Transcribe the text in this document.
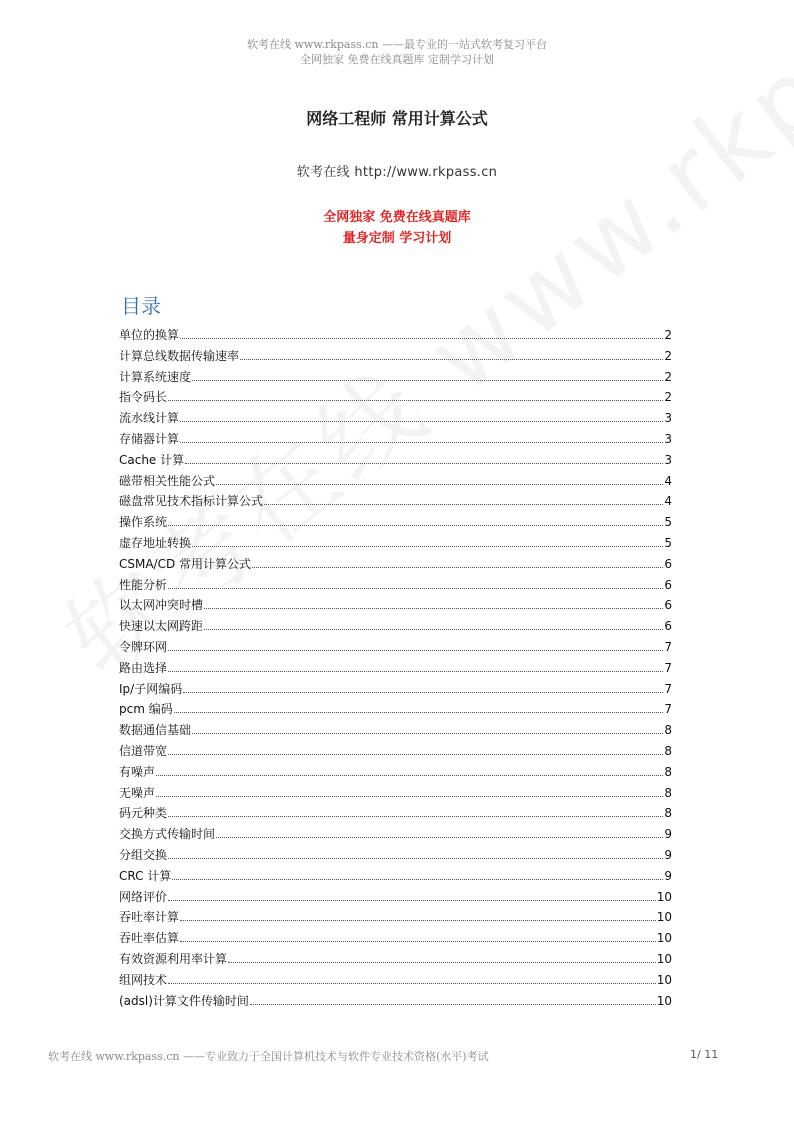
软考在线 www.rkpass.cn ——最专业的一站式软考复习平台
全网独家 免费在线真题库 定制学习计划
网络工程师 常用计算公式
软考在线 http://www.rkpass.cn
全网独家 免费在线真题库
量身定制 学习计划
目录
单位的换算	2
计算总线数据传输速率	2
计算系统速度	2
指令码长	2
流水线计算	3
存储器计算	3
Cache 计算	3
磁带相关性能公式	4
磁盘常见技术指标计算公式	4
操作系统	5
虚存地址转换	5
CSMA/CD 常用计算公式	6
性能分析	6
以太网冲突时槽	6
快速以太网跨距	6
令牌环网	7
路由选择	7
Ip/子网编码	7
pcm 编码	7
数据通信基础	8
信道带宽	8
有噪声	8
无噪声	8
码元种类	8
交换方式传输时间	9
分组交换	9
CRC 计算	9
网络评价	10
吞吐率计算	10
吞吐率估算	10
有效资源利用率计算	10
组网技术	10
(adsl)计算文件传输时间	10
软考在线 www.rkpass.cn ——专业致力于全国计算机技术与软件专业技术资格(水平)考试	1/ 11
